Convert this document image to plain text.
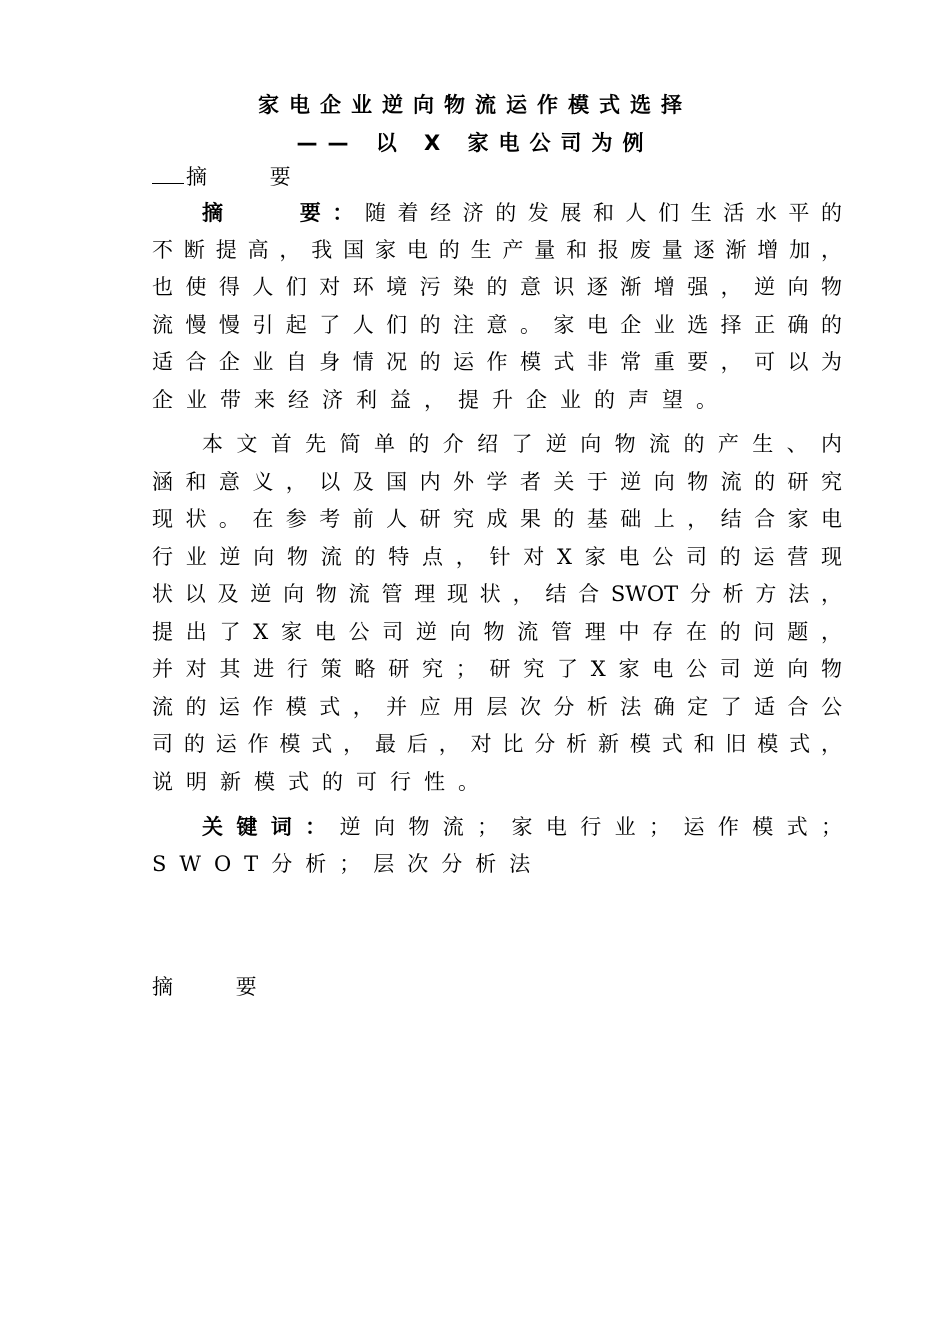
家电企业逆向物流运作模式选择
—— 以 X 家电公司为例
摘 要
摘　　要：随着经济的发展和人们生活水平的
不断提高，我国家电的生产量和报废量逐渐增加，
也使得人们对环境污染的意识逐渐增强，逆向物
流慢慢引起了人们的注意。家电企业选择正确的
适合企业自身情况的运作模式非常重要，可以为
企业带来经济利益，提升企业的声望。
本文首先简单的介绍了逆向物流的产生、内
涵和意义，以及国内外学者关于逆向物流的研究
现状。在参考前人研究成果的基础上，结合家电
行业逆向物流的特点，针对X家电公司的运营现
状以及逆向物流管理现状，结合SWOT分析方法，
提出了X家电公司逆向物流管理中存在的问题，
并对其进行策略研究；研究了X家电公司逆向物
流的运作模式，并应用层次分析法确定了适合公
司的运作模式，最后，对比分析新模式和旧模式，
说明新模式的可行性。
关键词：逆向物流；家电行业；运作模式；
SWOT分析；层次分析法
摘 要
